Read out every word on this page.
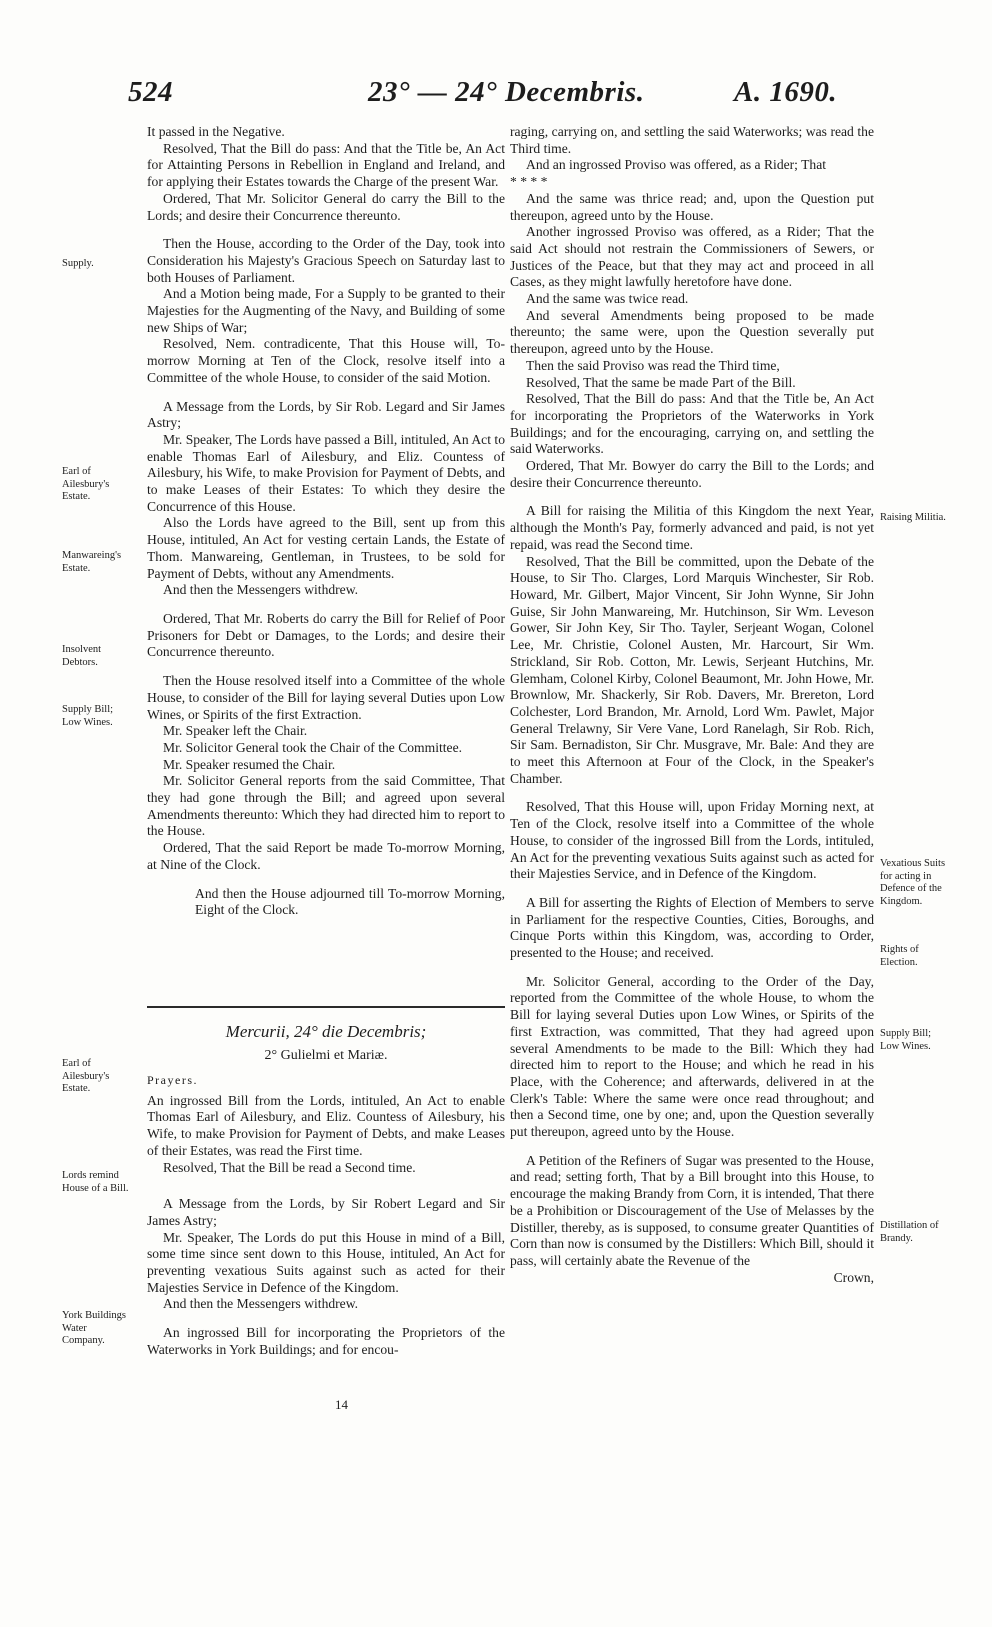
524	23° — 24° Decembris.	A. 1690.
Supply.
Earl of Ailesbury's Estate.
Manwareing's Estate.
Insolvent Debtors.
Supply Bill; Low Wines.
Earl of Ailesbury's Estate.
Lords remind House of a Bill.
York Buildings Water Company.
Raising Militia.
Vexatious Suits for acting in Defence of the Kingdom.
Rights of Election.
Supply Bill; Low Wines.
Distillation of Brandy.

It passed in the Negative.

Resolved, That the Bill do pass: And that the Title be, An Act for Attainting Persons in Rebellion in England and Ireland, and for applying their Estates towards the Charge of the present War.

Ordered, That Mr. Solicitor General do carry the Bill to the Lords; and desire their Concurrence thereunto.

Then the House, according to the Order of the Day, took into Consideration his Majesty's Gracious Speech on Saturday last to both Houses of Parliament.

And a Motion being made, For a Supply to be granted to their Majesties for the Augmenting of the Navy, and Building of some new Ships of War;

Resolved, Nem. contradicente, That this House will, To-morrow Morning at Ten of the Clock, resolve itself into a Committee of the whole House, to consider of the said Motion.

A Message from the Lords, by Sir Rob. Legard and Sir James Astry;

Mr. Speaker, The Lords have passed a Bill, intituled, An Act to enable Thomas Earl of Ailesbury, and Eliz. Countess of Ailesbury, his Wife, to make Provision for Payment of Debts, and to make Leases of their Estates: To which they desire the Concurrence of this House.

Also the Lords have agreed to the Bill, sent up from this House, intituled, An Act for vesting certain Lands, the Estate of Thom. Manwareing, Gentleman, in Trustees, to be sold for Payment of Debts, without any Amendments.

And then the Messengers withdrew.

Ordered, That Mr. Roberts do carry the Bill for Relief of Poor Prisoners for Debt or Damages, to the Lords; and desire their Concurrence thereunto.

Then the House resolved itself into a Committee of the whole House, to consider of the Bill for laying several Duties upon Low Wines, or Spirits of the first Extraction.

Mr. Speaker left the Chair.

Mr. Solicitor General took the Chair of the Committee.

Mr. Speaker resumed the Chair.

Mr. Solicitor General reports from the said Committee, That they had gone through the Bill; and agreed upon several Amendments thereunto: Which they had directed him to report to the House.

Ordered, That the said Report be made To-morrow Morning, at Nine of the Clock.

And then the House adjourned till To-morrow Morning, Eight of the Clock.

Mercurii, 24° die Decembris;
2° Gulielmi et Mariæ.

Prayers.

An ingrossed Bill from the Lords, intituled, An Act to enable Thomas Earl of Ailesbury, and Eliz. Countess of Ailesbury, his Wife, to make Provision for Payment of Debts, and make Leases of their Estates, was read the First time.

Resolved, That the Bill be read a Second time.

A Message from the Lords, by Sir Robert Legard and Sir James Astry;

Mr. Speaker, The Lords do put this House in mind of a Bill, some time since sent down to this House, intituled, An Act for preventing vexatious Suits against such as acted for their Majesties Service in Defence of the Kingdom.

And then the Messengers withdrew.

An ingrossed Bill for incorporating the Proprietors of the Waterworks in York Buildings; and for encou-

14

raging, carrying on, and settling the said Waterworks; was read the Third time.

And an ingrossed Proviso was offered, as a Rider; That

* * * *

And the same was thrice read; and, upon the Question put thereupon, agreed unto by the House.

Another ingrossed Proviso was offered, as a Rider; That the said Act should not restrain the Commissioners of Sewers, or Justices of the Peace, but that they may act and proceed in all Cases, as they might lawfully heretofore have done.

And the same was twice read.

And several Amendments being proposed to be made thereunto; the same were, upon the Question severally put thereupon, agreed unto by the House.

Then the said Proviso was read the Third time,

Resolved, That the same be made Part of the Bill.

Resolved, That the Bill do pass: And that the Title be, An Act for incorporating the Proprietors of the Waterworks in York Buildings; and for the encouraging, carrying on, and settling the said Waterworks.

Ordered, That Mr. Bowyer do carry the Bill to the Lords; and desire their Concurrence thereunto.

A Bill for raising the Militia of this Kingdom the next Year, although the Month's Pay, formerly advanced and paid, is not yet repaid, was read the Second time.

Resolved, That the Bill be committed, upon the Debate of the House, to Sir Tho. Clarges, Lord Marquis Winchester, Sir Rob. Howard, Mr. Gilbert, Major Vincent, Sir John Wynne, Sir John Guise, Sir John Manwareing, Mr. Hutchinson, Sir Wm. Leveson Gower, Sir John Key, Sir Tho. Tayler, Serjeant Wogan, Colonel Lee, Mr. Christie, Colonel Austen, Mr. Harcourt, Sir Wm. Strickland, Sir Rob. Cotton, Mr. Lewis, Serjeant Hutchins, Mr. Glemham, Colonel Kirby, Colonel Beaumont, Mr. John Howe, Mr. Brownlow, Mr. Shackerly, Sir Rob. Davers, Mr. Brereton, Lord Colchester, Lord Brandon, Mr. Arnold, Lord Wm. Pawlet, Major General Trelawny, Sir Vere Vane, Lord Ranelagh, Sir Rob. Rich, Sir Sam. Bernadiston, Sir Chr. Musgrave, Mr. Bale: And they are to meet this Afternoon at Four of the Clock, in the Speaker's Chamber.

Resolved, That this House will, upon Friday Morning next, at Ten of the Clock, resolve itself into a Committee of the whole House, to consider of the ingrossed Bill from the Lords, intituled, An Act for the preventing vexatious Suits against such as acted for their Majesties Service, and in Defence of the Kingdom.

A Bill for asserting the Rights of Election of Members to serve in Parliament for the respective Counties, Cities, Boroughs, and Cinque Ports within this Kingdom, was, according to Order, presented to the House; and received.

Mr. Solicitor General, according to the Order of the Day, reported from the Committee of the whole House, to whom the Bill for laying several Duties upon Low Wines, or Spirits of the first Extraction, was committed, That they had agreed upon several Amendments to be made to the Bill: Which they had directed him to report to the House; and which he read in his Place, with the Coherence; and afterwards, delivered in at the Clerk's Table: Where the same were once read throughout; and then a Second time, one by one; and, upon the Question severally put thereupon, agreed unto by the House.

A Petition of the Refiners of Sugar was presented to the House, and read; setting forth, That by a Bill brought into this House, to encourage the making Brandy from Corn, it is intended, That there be a Prohibition or Discouragement of the Use of Melasses by the Distiller, thereby, as is supposed, to consume greater Quantities of Corn than now is consumed by the Distillers: Which Bill, should it pass, will certainly abate the Revenue of the

Crown,
